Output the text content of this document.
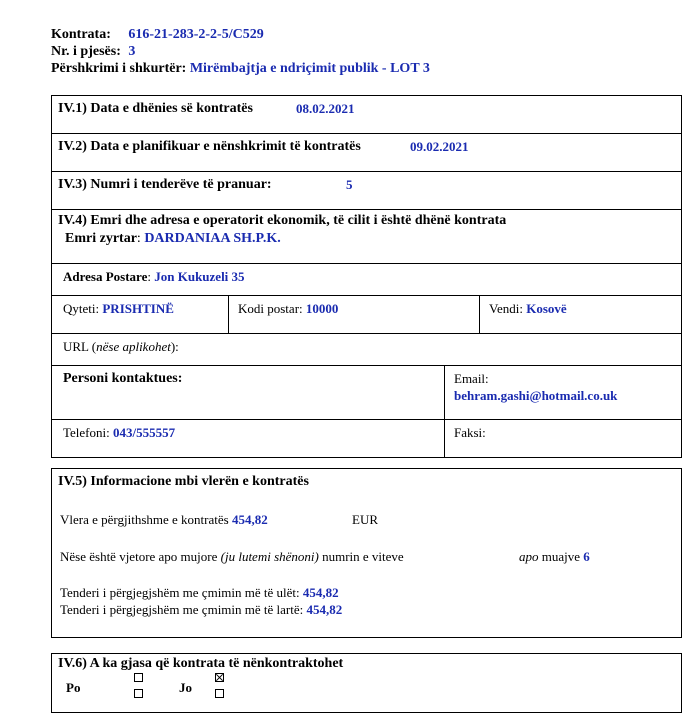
Kontrata: 616-21-283-2-2-5/C529
Nr. i pjesës: 3
Përshkrimi i shkurtër: Mirëmbajtja e ndriçimit publik - LOT 3
IV.1) Data e dhënies së kontratës	08.02.2021
IV.2) Data e planifikuar e nënshkrimit të kontratës	09.02.2021
IV.3) Numri i tenderëve të pranuar:	5
IV.4) Emri dhe adresa e operatorit ekonomik, të cilit i është dhënë kontrata
Emri zyrtar: DARDANIAA SH.P.K.
Adresa Postare: Jon Kukuzeli 35
Qyteti: PRISHTINË	Kodi postar: 10000	Vendi: Kosovë
URL (nëse aplikohet):
Personi kontaktues:	Email:
behram.gashi@hotmail.co.uk
Telefoni: 043/555557	Faksi:
IV.5) Informacione mbi vlerën e kontratës
Vlera e përgjithshme e kontratës 454,82	EUR
Nëse është vjetore apo mujore (ju lutemi shënoni) numrin e viteve	apo muajve 6
Tenderi i përgjegjshëm me çmimin më të ulët: 454,82
Tenderi i përgjegjshëm me çmimin më të lartë: 454,82
IV.6) A ka gjasa që kontrata të nënkontraktohet
Po	Jo
